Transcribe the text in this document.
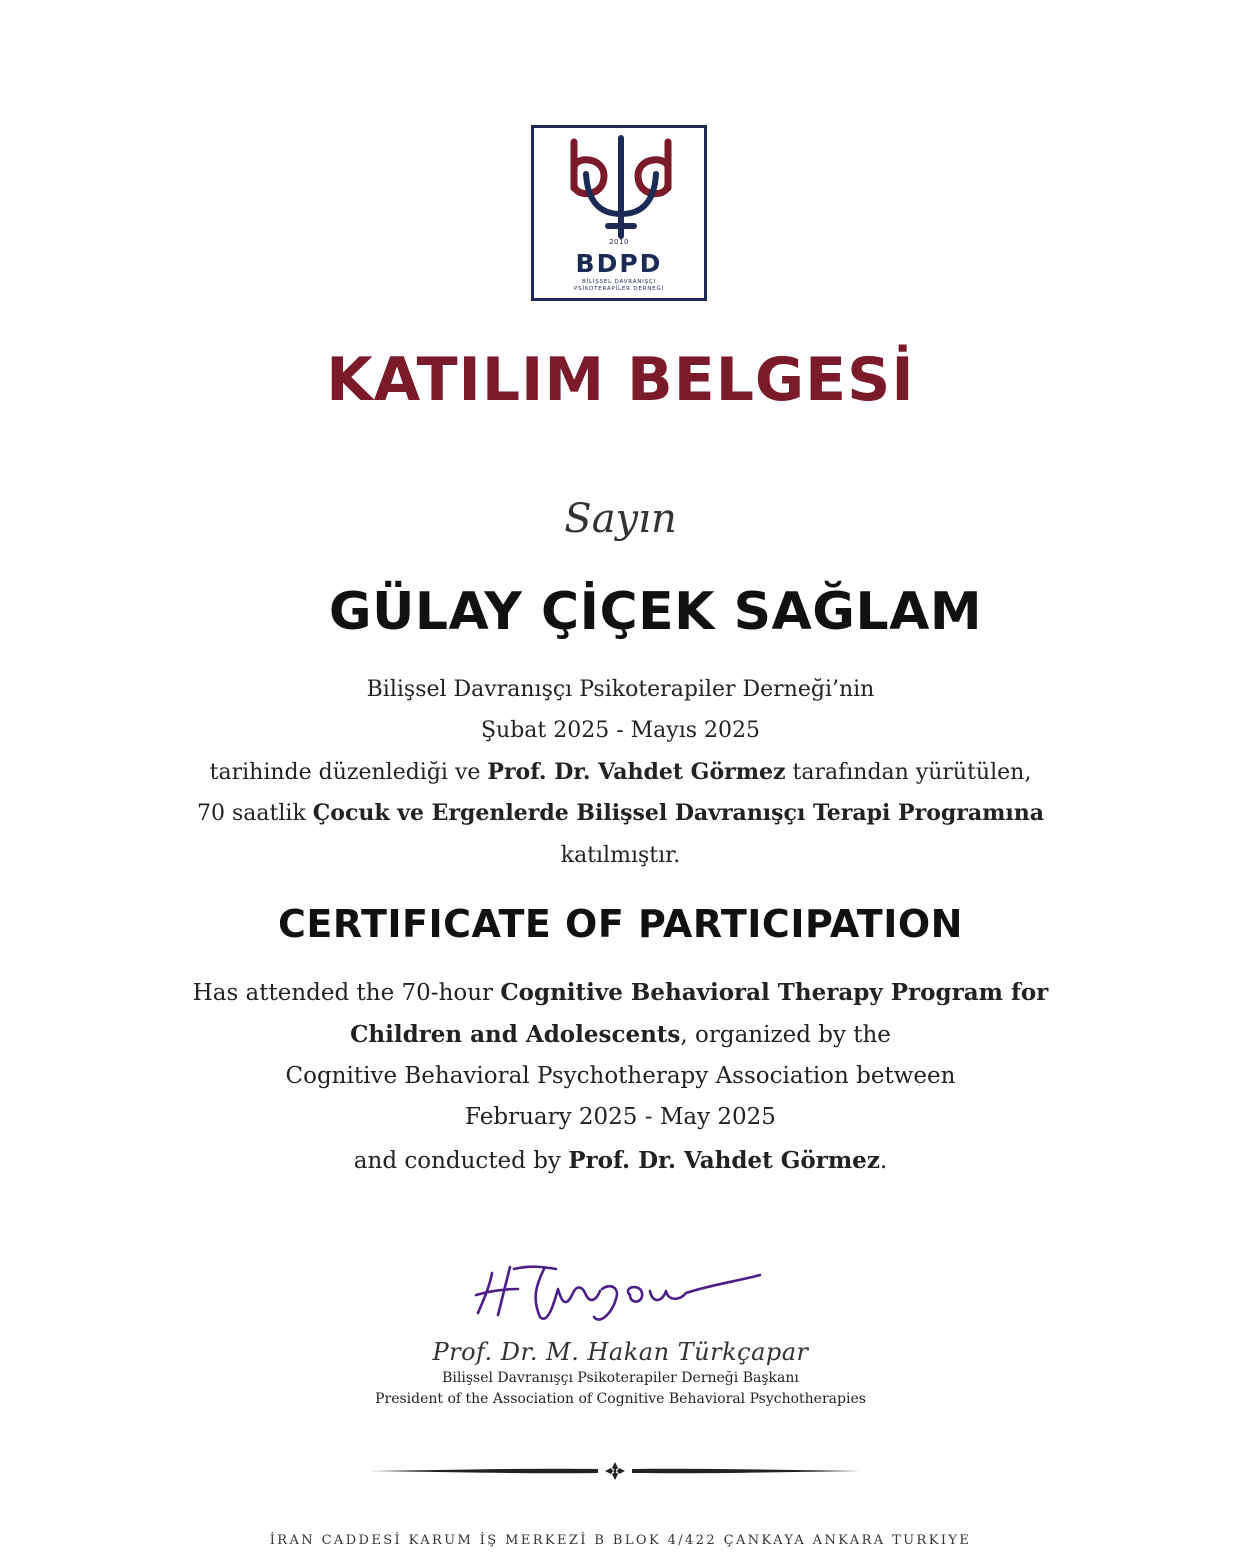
2010
BDPD
BİLİŞSEL DAVRANIŞÇI
PSİKOTERAPİLER DERNEĞİ
KATILIM BELGESİ
Sayın
GÜLAY ÇİÇEK SAĞLAM
Bilişsel Davranışçı Psikoterapiler Derneği’nin
Şubat 2025 - Mayıs 2025
tarihinde düzenlediği ve Prof. Dr. Vahdet Görmez tarafından yürütülen,
70 saatlik Çocuk ve Ergenlerde Bilişsel Davranışçı Terapi Programına
katılmıştır.
CERTIFICATE OF PARTICIPATION
Has attended the 70-hour Cognitive Behavioral Therapy Program for
Children and Adolescents, organized by the
Cognitive Behavioral Psychotherapy Association between
February 2025 - May 2025
and conducted by Prof. Dr. Vahdet Görmez.
Prof. Dr. M. Hakan Türkçapar
Bilişsel Davranışçı Psikoterapiler Derneği Başkanı
President of the Association of Cognitive Behavioral Psychotherapies
İRAN CADDESİ KARUM İŞ MERKEZİ B BLOK 4/422 ÇANKAYA ANKARA TURKIYE
